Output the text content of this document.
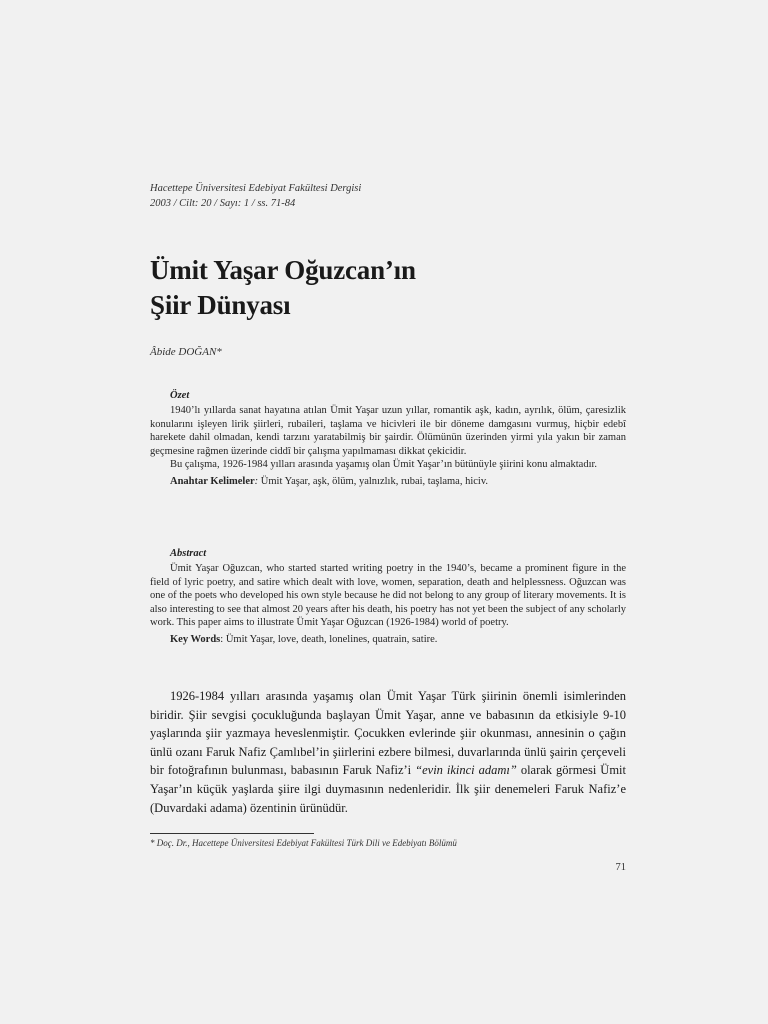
Hacettepe Üniversitesi Edebiyat Fakültesi Dergisi
2003 / Cilt: 20 / Sayı: 1 / ss. 71-84
Ümit Yaşar Oğuzcan’ın
Şiir Dünyası
Âbide DOĞAN*
Özet

1940’lı yıllarda sanat hayatına atılan Ümit Yaşar uzun yıllar, romantik aşk, kadın, ayrılık, ölüm, çaresizlik konularını işleyen lirik şiirleri, rubaileri, taşlama ve hicivleri ile bir döneme damgasını vurmuş, hiçbir edebî harekete dahil olmadan, kendi tarzını yaratabilmiş bir şairdir. Ölümünün üzerinden yirmi yıla yakın bir zaman geçmesine rağmen üzerinde ciddî bir çalışma yapılmaması dikkat çekicidir.

Bu çalışma, 1926-1984 yılları arasında yaşamış olan Ümit Yaşar’ın bütünüyle şiirini konu almaktadır.

Anahtar Kelimeler: Ümit Yaşar, aşk, ölüm, yalnızlık, rubai, taşlama, hiciv.

Abstract

Ümit Yaşar Oğuzcan, who started started writing poetry in the 1940’s, became a prominent figure in the field of lyric poetry, and satire which dealt with love, women, separation, death and helplessness. Oğuzcan was one of the poets who developed his own style because he did not belong to any group of literary movements. It is also interesting to see that almost 20 years after his death, his poetry has not yet been the subject of any scholarly work. This paper aims to illustrate Ümit Yaşar Oğuzcan (1926-1984) world of poetry.

Key Words: Ümit Yaşar, love, death, lonelines, quatrain, satire.

1926-1984 yılları arasında yaşamış olan Ümit Yaşar Türk şiirinin önemli isimlerinden biridir. Şiir sevgisi çocukluğunda başlayan Ümit Yaşar, anne ve babasının da etkisiyle 9-10 yaşlarında şiir yazmaya heveslenmiştir. Çocukken evlerinde şiir okunması, annesinin o çağın ünlü ozanı Faruk Nafiz Çamlıbel’in şiirlerini ezbere bilmesi, duvarlarında ünlü şairin çerçeveli bir fotoğrafının bulunması, babasının Faruk Nafiz’i “evin ikinci adamı” olarak görmesi Ümit Yaşar’ın küçük yaşlarda şiire ilgi duymasının nedenleridir. İlk şiir denemeleri Faruk Nafiz’e (Duvardaki adama) özentinin ürünüdür.

* Doç. Dr., Hacettepe Üniversitesi Edebiyat Fakültesi Türk Dili ve Edebiyatı Bölümü
71
